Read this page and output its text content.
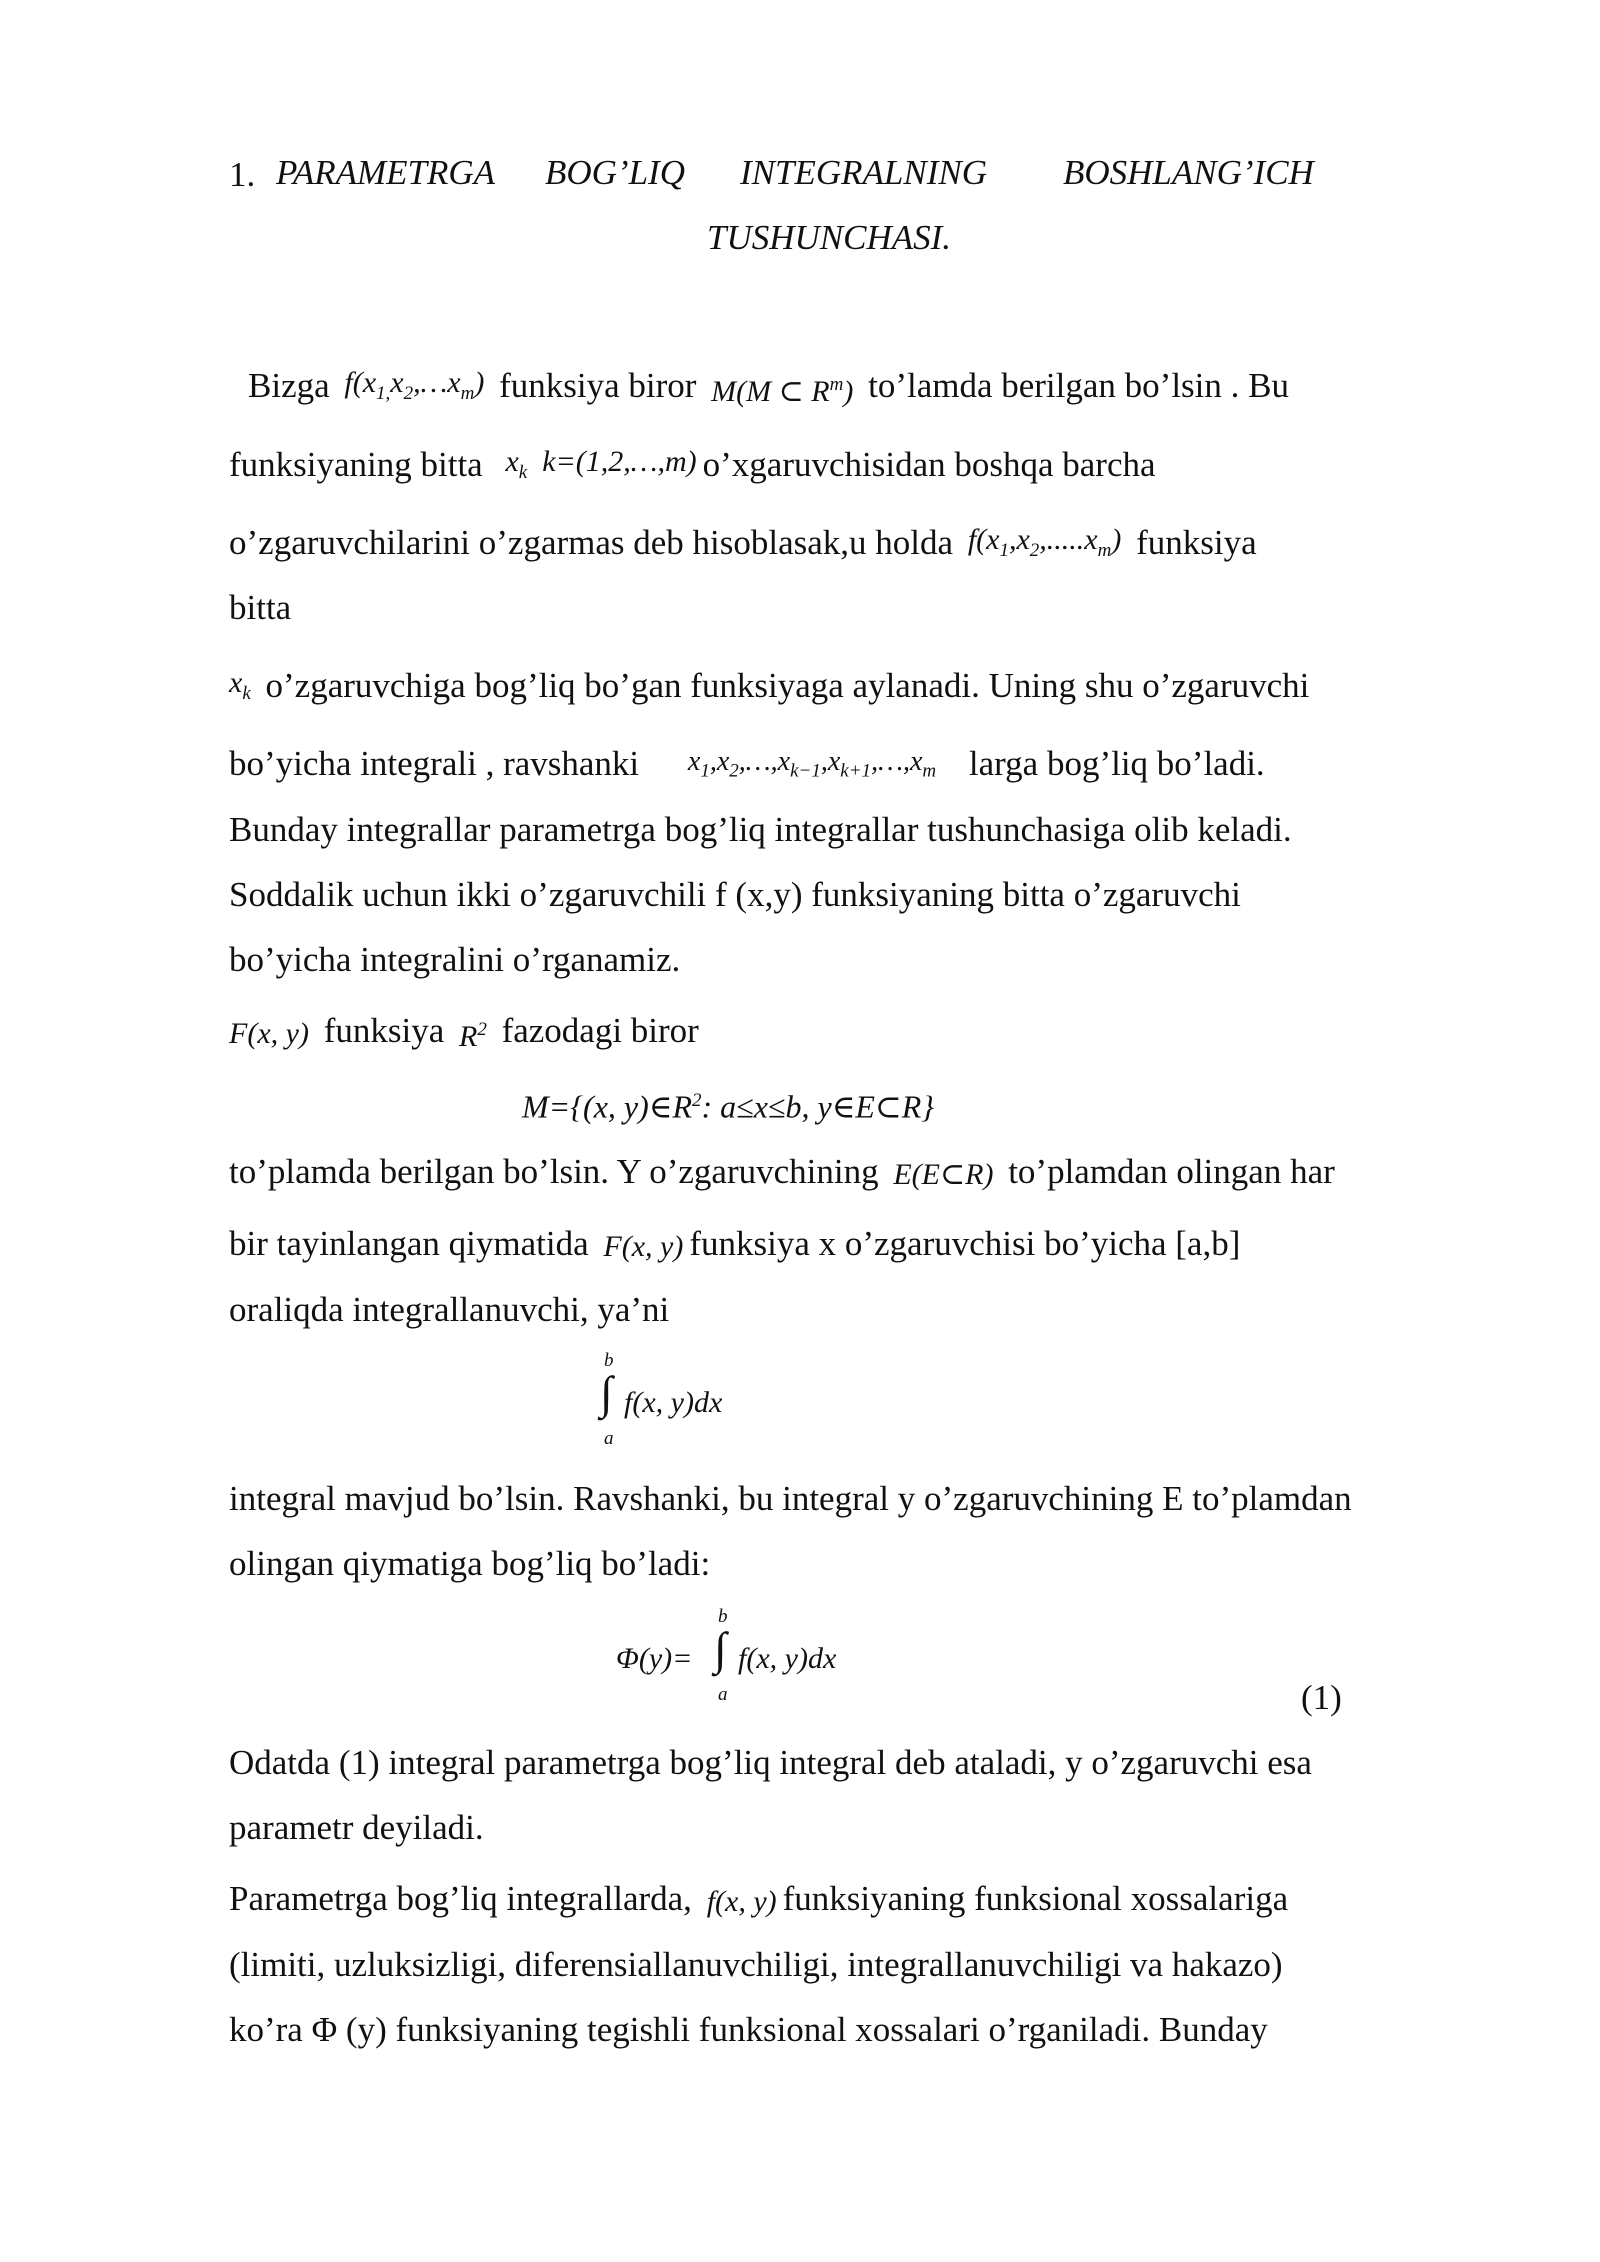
1. PARAMETRGA BOG’LIQ INTEGRALNING BOSHLANG’ICH
TUSHUNCHASI.
Bizga $f(x_{1,}x_2,\dots x_m)$ funksiya biror M(M ⊂ $R^m$) to’lamda berilgan bo’lsin . Bu
funksiyaning bitta $x_k$  k=(1,2,…,m) o’xgaruvchisidan boshqa barcha
o’zgaruvchilarini o’zgarmas deb hisoblasak,u holda $f(x_1,x_2,.....x_m)$ funksiya
bitta
$x_k$ o’zgaruvchiga bog’liq bo’gan funksiyaga aylanadi. Uning shu o’zgaruvchi
bo’yicha integrali , ravshanki $x_1,x_2,\dots,x_{k-1},x_{k+1},\dots,x_m$ larga bog’liq bo’ladi.
Bunday integrallar parametrga bog’liq integrallar tushunchasiga olib keladi.
Soddalik uchun ikki o’zgaruvchili f (x,y) funksiyaning bitta o’zgaruvchi
bo’yicha integralini o’rganamiz.
F(x, y) funksiya $R^2$ fazodagi biror
M={(x, $y)\in R^2$: a≤x≤b, y∈E⊂R}
to’plamda berilgan bo’lsin. Y o’zgaruvchining E(E⊂R) to’plamdan olingan har
bir tayinlangan qiymatida F(x, y) funksiya x o’zgaruvchisi bo’yicha [a,b]
oraliqda integrallanuvchi, ya’ni
b
∫
a
f(x, y)dx
integral mavjud bo’lsin. Ravshanki, bu integral y o’zgaruvchining E to’plamdan
olingan qiymatiga bog’liq bo’ladi:
Φ(y)=
b
∫
a
f(x, y)dx
(1)
Odatda (1) integral parametrga bog’liq integral deb ataladi, y o’zgaruvchi esa
parametr deyiladi.
Parametrga bog’liq integrallarda, f(x, y) funksiyaning funksional xossalariga
(limiti, uzluksizligi, diferensiallanuvchiligi, integrallanuvchiligi va hakazo)
ko’ra Φ (y) funksiyaning tegishli funksional xossalari o’rganiladi. Bunday
